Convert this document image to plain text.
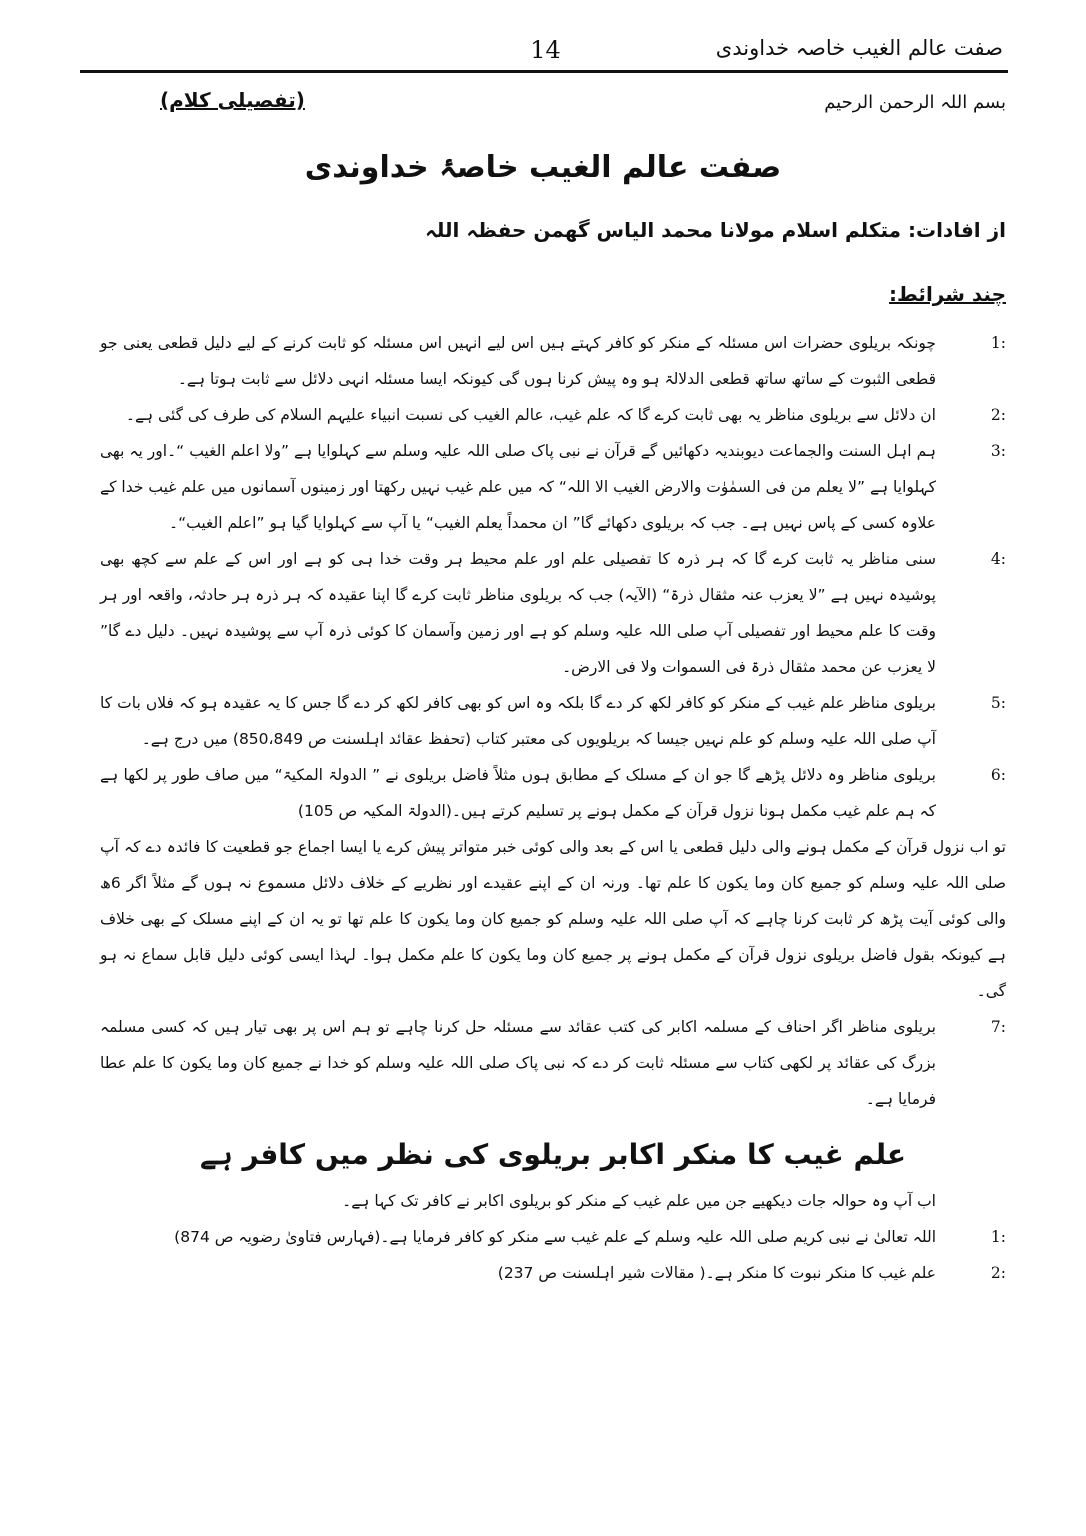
صفت عالم الغیب خاصہ خداوندی
14
بسم اللہ الرحمن الرحیم
(تفصیلی کلام)
صفت عالم الغیب خاصۂ خداوندی
از افادات: متکلم اسلام مولانا محمد الیاس گھمن حفظہ اللہ
چند شرائط:

:1
چونکہ بریلوی حضرات اس مسئلہ کے منکر کو کافر کہتے ہیں اس لیے انہیں اس مسئلہ کو ثابت کرنے کے لیے دلیل قطعی یعنی جو قطعی الثبوت کے ساتھ ساتھ قطعی الدلالۃ ہو وہ پیش کرنا ہوں گی کیونکہ ایسا مسئلہ انہی دلائل سے ثابت ہوتا ہے۔

:2
ان دلائل سے بریلوی مناظر یہ بھی ثابت کرے گا کہ علم غیب، عالم الغیب کی نسبت انبیاء علیہم السلام کی طرف کی گئی ہے۔

:3
ہم اہل السنت والجماعت دیوبندیہ دکھائیں گے قرآن نے نبی پاک صلی اللہ علیہ وسلم سے کہلوایا ہے ”ولا اعلم الغیب “۔اور یہ بھی کہلوایا ہے ”لا یعلم من فی السمٰوٰت والارض الغیب الا اللہ“ کہ میں علم غیب نہیں رکھتا اور زمینوں آسمانوں میں علم غیب خدا کے علاوہ کسی کے پاس نہیں ہے۔ جب کہ بریلوی دکھائے گا” ان محمداً یعلم الغیب“ یا آپ سے کہلوایا گیا ہو ”اعلم الغیب“۔

:4
سنی مناظر یہ ثابت کرے گا کہ ہر ذرہ کا تفصیلی علم اور علم محیط ہر وقت خدا ہی کو ہے اور اس کے علم سے کچھ بھی پوشیدہ نہیں ہے ”لا یعزب عنہ مثقال ذرۃ“ (الآیہ) جب کہ بریلوی مناظر ثابت کرے گا اپنا عقیدہ کہ ہر ذرہ ہر حادثہ، واقعہ اور ہر وقت کا علم محیط اور تفصیلی آپ صلی اللہ علیہ وسلم کو ہے اور زمین وآسمان کا کوئی ذرہ آپ سے پوشیدہ نہیں۔ دلیل دے گا” لا یعزب عن محمد مثقال ذرۃ فی السموات ولا فی الارض۔

:5
بریلوی مناظر علم غیب کے منکر کو کافر لکھ کر دے گا بلکہ وہ اس کو بھی کافر لکھ کر دے گا جس کا یہ عقیدہ ہو کہ فلاں بات کا آپ صلی اللہ علیہ وسلم کو علم نہیں جیسا کہ بریلویوں کی معتبر کتاب (تحفظ عقائد اہلسنت ص 850،849) میں درج ہے۔

:6
بریلوی مناظر وہ دلائل پڑھے گا جو ان کے مسلک کے مطابق ہوں مثلاً فاضل بریلوی نے ” الدولۃ المکیۃ“ میں صاف طور پر لکھا ہے کہ ہم علم غیب مکمل ہونا نزول قرآن کے مکمل ہونے پر تسلیم کرتے ہیں۔(الدولۃ المکیہ ص 105)

تو اب نزول قرآن کے مکمل ہونے والی دلیل قطعی یا اس کے بعد والی کوئی خبر متواتر پیش کرے یا ایسا اجماع جو قطعیت کا فائدہ دے کہ آپ صلی اللہ علیہ وسلم کو جمیع کان وما یکون کا علم تھا۔ ورنہ ان کے اپنے عقیدے اور نظریے کے خلاف دلائل مسموع نہ ہوں گے مثلاً اگر 6ھ والی کوئی آیت پڑھ کر ثابت کرنا چاہے کہ آپ صلی اللہ علیہ وسلم کو جمیع کان وما یکون کا علم تھا تو یہ ان کے اپنے مسلک کے بھی خلاف ہے کیونکہ بقول فاضل بریلوی نزول قرآن کے مکمل ہونے پر جمیع کان وما یکون کا علم مکمل ہوا۔ لہذا ایسی کوئی دلیل قابل سماع نہ ہو گی۔

:7
بریلوی مناظر اگر احناف کے مسلمہ اکابر کی کتب عقائد سے مسئلہ حل کرنا چاہے تو ہم اس پر بھی تیار ہیں کہ کسی مسلمہ بزرگ کی عقائد پر لکھی کتاب سے مسئلہ ثابت کر دے کہ نبی پاک صلی اللہ علیہ وسلم کو خدا نے جمیع کان وما یکون کا علم عطا فرمایا ہے۔

علم غیب کا منکر اکابر بریلوی کی نظر میں کافر ہے

اب آپ وہ حوالہ جات دیکھیے جن میں علم غیب کے منکر کو بریلوی اکابر نے کافر تک کہا ہے۔

:1
اللہ تعالیٰ نے نبی کریم صلی اللہ علیہ وسلم کے علم غیب سے منکر کو کافر فرمایا ہے۔(فہارس فتاویٰ رضویہ ص 874)

:2
علم غیب کا منکر نبوت کا منکر ہے۔( مقالات شیر اہلسنت ص 237)
